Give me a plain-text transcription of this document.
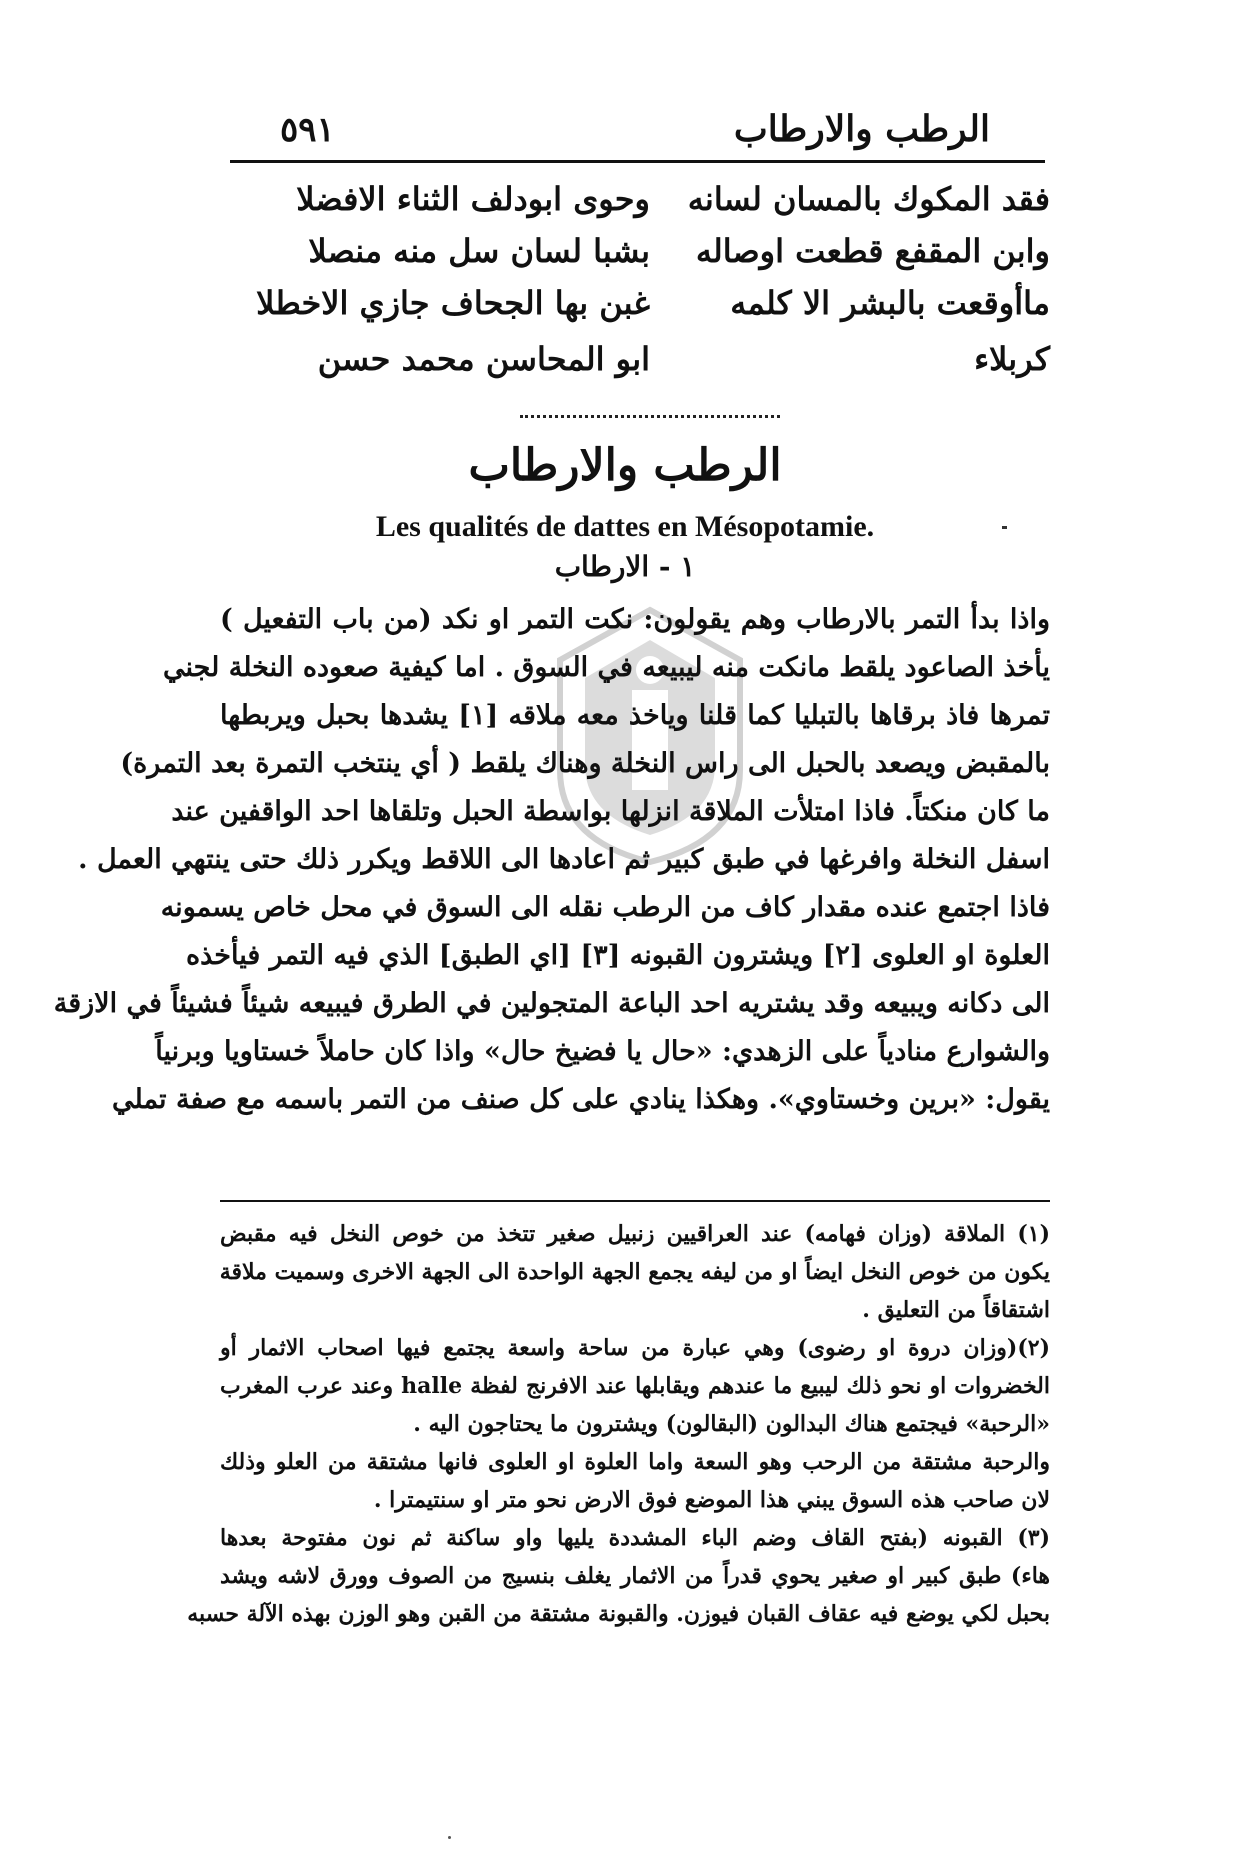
٥٩١	الرطب والارطاب
فقد المكوك بالمسان لسانه
وحوى ابودلف الثناء الافضلا
وابن المقفع قطعت اوصاله
بشبا لسان سل منه منصلا
ماأوقعت بالبشر الا كلمه
غبن بها الجحاف جازي الاخطلا
كربلاء
ابو المحاسن محمد حسن
الرطب والارطاب
Les qualités de dattes en Mésopotamie.
١ - الارطاب
واذا بدأ التمر بالارطاب وهم يقولون: نكت التمر او نكد (من باب التفعيل )
يأخذ الصاعود يلقط مانكت منه ليبيعه في السوق . اما كيفية صعوده النخلة لجني
تمرها فاذ برقاها بالتبليا كما قلنا وياخذ معه ملاقه [١] يشدها بحبل ويربطها
بالمقبض ويصعد بالحبل الى راس النخلة وهناك يلقط ( أي ينتخب التمرة بعد التمرة)
ما كان منكتاً. فاذا امتلأت الملاقة انزلها بواسطة الحبل وتلقاها احد الواقفين عند
اسفل النخلة وافرغها في طبق كبير ثم اعادها الى اللاقط ويكرر ذلك حتى ينتهي العمل .
فاذا اجتمع عنده مقدار كاف من الرطب نقله الى السوق في محل خاص يسمونه
العلوة او العلوى [٢] ويشترون القبونه [٣] [اي الطبق] الذي فيه التمر فيأخذه
الى دكانه ويبيعه وقد يشتريه احد الباعة المتجولين في الطرق فيبيعه شيئاً فشيئاً في الازقة
والشوارع منادياً على الزهدي: «حال يا فضيخ حال» واذا كان حاملاً خستاويا وبرنياً
يقول: «برين وخستاوي». وهكذا ينادي على كل صنف من التمر باسمه مع صفة تملي
(١) الملاقة (وزان فهامه) عند العراقيين زنبيل صغير تتخذ من خوص النخل فيه مقبض
يكون من خوص النخل ايضاً او من ليفه يجمع الجهة الواحدة الى الجهة الاخرى وسميت ملاقة
اشتقاقاً من التعليق .
(٢)(وزان دروة او رضوى) وهي عبارة من ساحة واسعة يجتمع فيها اصحاب الاثمار أو
الخضروات او نحو ذلك ليبيع ما عندهم ويقابلها عند الافرنج لفظة halle وعند عرب المغرب
«الرحبة» فيجتمع هناك البدالون (البقالون) ويشترون ما يحتاجون اليه .
والرحبة مشتقة من الرحب وهو السعة واما العلوة او العلوى فانها مشتقة من العلو وذلك
لان صاحب هذه السوق يبني هذا الموضع فوق الارض نحو متر او سنتيمترا .
(٣) القبونه (بفتح القاف وضم الباء المشددة يليها واو ساكنة ثم نون مفتوحة بعدها
هاء) طبق كبير او صغير يحوي قدراً من الاثمار يغلف بنسيج من الصوف وورق لاشه ويشد
بحبل لكي يوضع فيه عقاف القبان فيوزن. والقبونة مشتقة من القبن وهو الوزن بهذه الآلة حسبه
